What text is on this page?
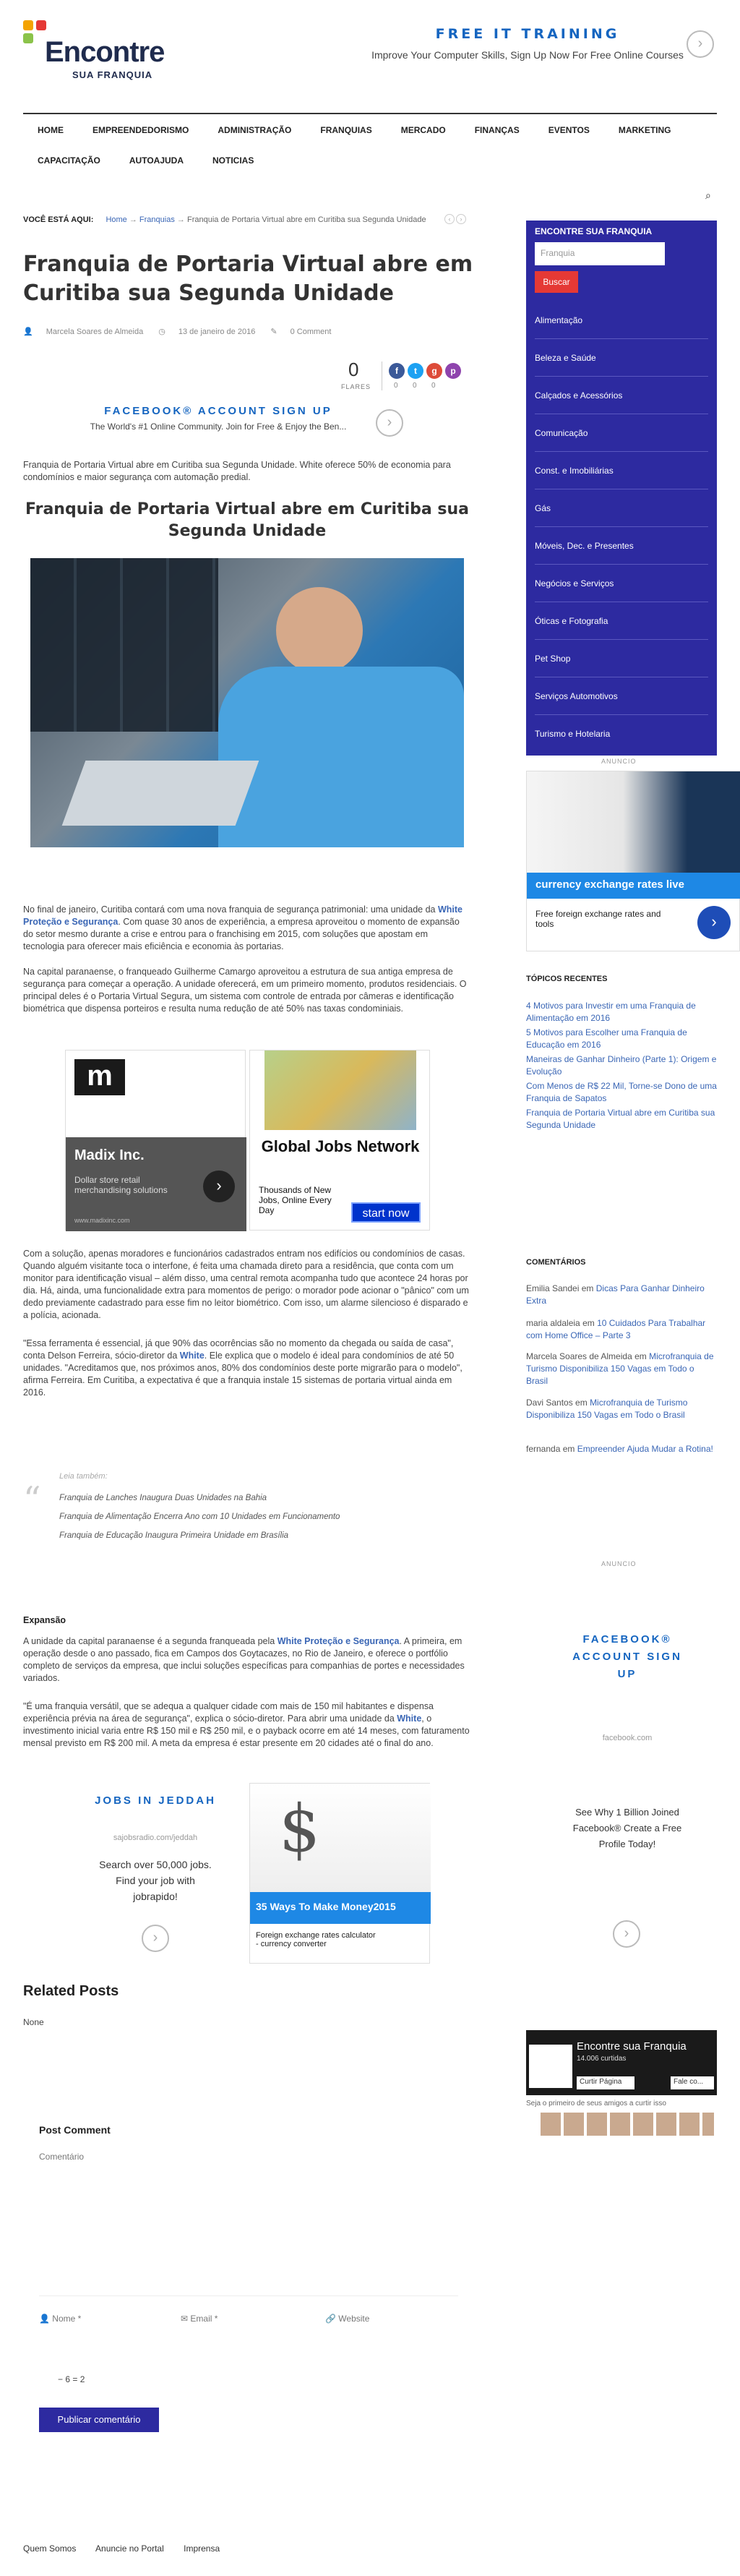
Encontre
SUA FRANQUIA
FREE IT TRAINING
Improve Your Computer Skills, Sign Up Now For Free Online Courses
›
HOME	EMPREENDEDORISMO	ADMINISTRAÇÃO	FRANQUIAS	MERCADO	FINANÇAS	EVENTOS	MARKETING
CAPACITAÇÃO	AUTOAJUDA	NOTICIAS
⌕
VOCÊ ESTÁ AQUI: Home → Franquias → Franquia de Portaria Virtual abre em Curitiba sua Segunda Unidade	‹	›
Franquia de Portaria Virtual abre em Curitiba sua Segunda Unidade
👤 Marcela Soares de Almeida ◷ 13 de janeiro de 2016 ✎ 0 Comment
0
FLARES
f	t	g	p
0 0 0
FACEBOOK® ACCOUNT SIGN UP
The World's #1 Online Community. Join for Free & Enjoy the Ben...	›
Franquia de Portaria Virtual abre em Curitiba sua Segunda Unidade. White oferece 50% de economia para condomínios e maior segurança com automação predial.
Franquia de Portaria Virtual abre em Curitiba sua Segunda Unidade
No final de janeiro, Curitiba contará com uma nova franquia de segurança patrimonial: uma unidade da White Proteção e Segurança. Com quase 30 anos de experiência, a empresa aproveitou o momento de expansão do setor mesmo durante a crise e entrou para o franchising em 2015, com soluções que apostam em tecnologia para oferecer mais eficiência e economia às portarias.
Na capital paranaense, o franqueado Guilherme Camargo aproveitou a estrutura de sua antiga empresa de segurança para começar a operação. A unidade oferecerá, em um primeiro momento, produtos residenciais. O principal deles é o Portaria Virtual Segura, um sistema com controle de entrada por câmeras e identificação biométrica que dispensa porteiros e resulta numa redução de até 50% nas taxas condominiais.
m
Madix Inc.
Dollar store retail merchandising solutions
www.madixinc.com
›
Global Jobs Network
Thousands of New Jobs, Online Every Day	start now
Com a solução, apenas moradores e funcionários cadastrados entram nos edifícios ou condomínios de casas. Quando alguém visitante toca o interfone, é feita uma chamada direto para a residência, que conta com um monitor para identificação visual – além disso, uma central remota acompanha tudo que acontece 24 horas por dia. Há, ainda, uma funcionalidade extra para momentos de perigo: o morador pode acionar o "pânico" com um dedo previamente cadastrado para esse fim no leitor biométrico. Com isso, um alarme silencioso é disparado e a polícia, acionada.
"Essa ferramenta é essencial, já que 90% das ocorrências são no momento da chegada ou saída de casa", conta Delson Ferreira, sócio-diretor da White. Ele explica que o modelo é ideal para condomínios de até 50 unidades. "Acreditamos que, nos próximos anos, 80% dos condomínios deste porte migrarão para o modelo", afirma Ferreira. Em Curitiba, a expectativa é que a franquia instale 15 sistemas de portaria virtual ainda em 2016.
“
Leia também:
Franquia de Lanches Inaugura Duas Unidades na Bahia
Franquia de Alimentação Encerra Ano com 10 Unidades em Funcionamento
Franquia de Educação Inaugura Primeira Unidade em Brasília
Expansão
A unidade da capital paranaense é a segunda franqueada pela White Proteção e Segurança. A primeira, em operação desde o ano passado, fica em Campos dos Goytacazes, no Rio de Janeiro, e oferece o portfólio completo de serviços da empresa, que inclui soluções específicas para companhias de portes e necessidades variados.
"É uma franquia versátil, que se adequa a qualquer cidade com mais de 150 mil habitantes e dispensa experiência prévia na área de segurança", explica o sócio-diretor. Para abrir uma unidade da White, o investimento inicial varia entre R$ 150 mil e R$ 250 mil, e o payback ocorre em até 14 meses, com faturamento mensal previsto em R$ 200 mil. A meta da empresa é estar presente em 20 cidades até o final do ano.
JOBS IN JEDDAH
sajobsradio.com/jeddah
Search over 50,000 jobs. Find your job with jobrapido!
›
$
35 Ways To Make Money2015
Foreign exchange rates calculator - currency converter
Related Posts
None
Post Comment
Comentário
👤 Nome *	✉ Email *	🔗 Website
− 6 = 2
Publicar comentário
Quem Somos Anuncie no Portal Imprensa
ENCONTRE SUA FRANQUIA
Franquia
Buscar
Alimentação
Beleza e Saúde
Calçados e Acessórios
Comunicação
Const. e Imobiliárias
Gás
Móveis, Dec. e Presentes
Negócios e Serviços
Óticas e Fotografia
Pet Shop
Serviços Automotivos
Turismo e Hotelaria
ANUNCIO
currency exchange rates live
Free foreign exchange rates and tools	›
TÓPICOS RECENTES
4 Motivos para Investir em uma Franquia de Alimentação em 2016
5 Motivos para Escolher uma Franquia de Educação em 2016
Maneiras de Ganhar Dinheiro (Parte 1): Origem e Evolução
Com Menos de R$ 22 Mil, Torne-se Dono de uma Franquia de Sapatos
Franquia de Portaria Virtual abre em Curitiba sua Segunda Unidade
COMENTÁRIOS
Emilia Sandei em Dicas Para Ganhar Dinheiro Extra
maria aldaleia em 10 Cuidados Para Trabalhar com Home Office – Parte 3
Marcela Soares de Almeida em Microfranquia de Turismo Disponibiliza 150 Vagas em Todo o Brasil
Davi Santos em Microfranquia de Turismo Disponibiliza 150 Vagas em Todo o Brasil
fernanda em Empreender Ajuda Mudar a Rotina!
ANUNCIO
FACEBOOK® ACCOUNT SIGN UP
facebook.com
See Why 1 Billion Joined Facebook® Create a Free Profile Today!
›
Encontre sua Franquia
14.006 curtidas
Curtir Página	Fale co...
Seja o primeiro de seus amigos a curtir isso
